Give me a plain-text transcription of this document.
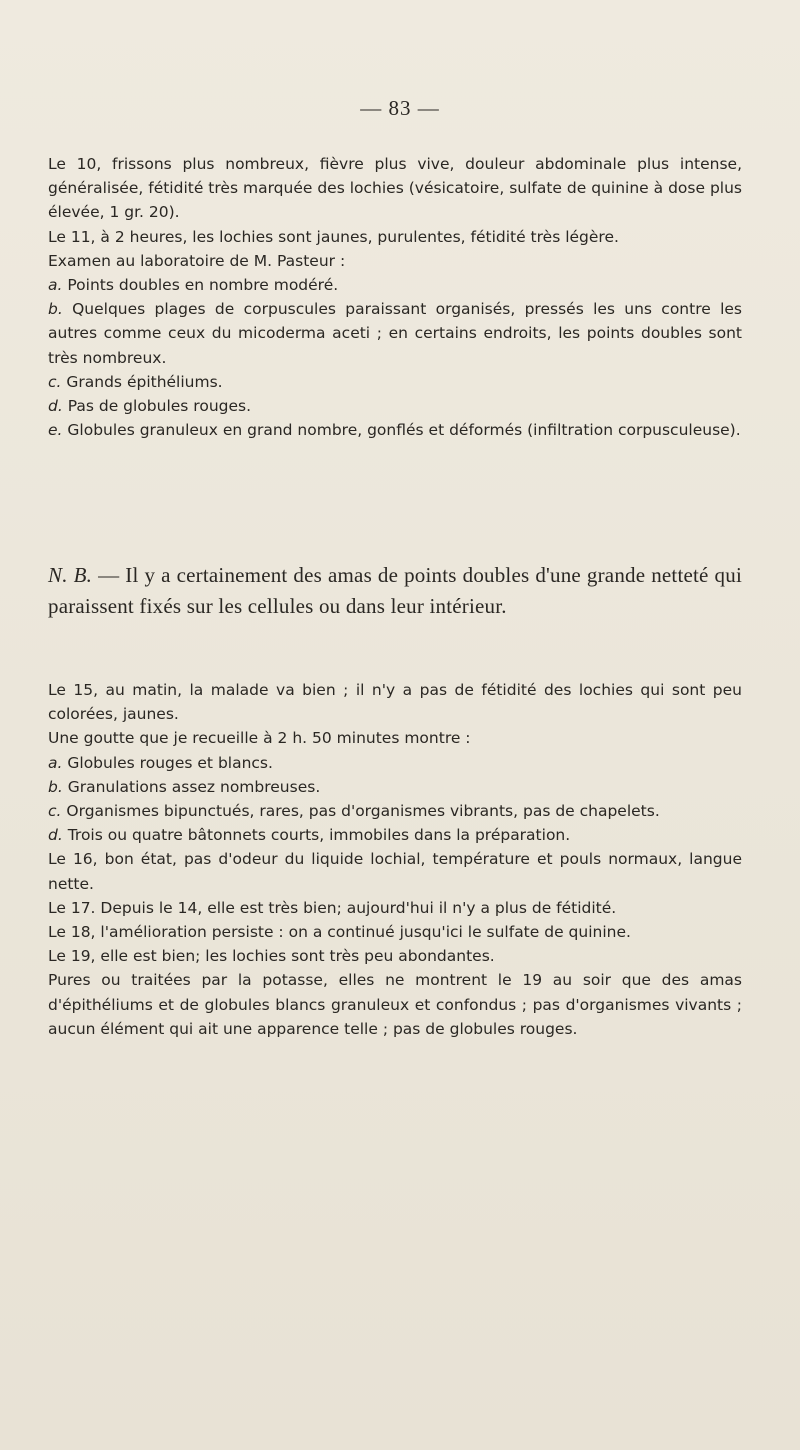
— 83 —

Le 10, frissons plus nombreux, fièvre plus vive, douleur abdominale plus intense, généralisée, fétidité très marquée des lochies (vésicatoire, sulfate de quinine à dose plus élevée, 1 gr. 20).

Le 11, à 2 heures, les lochies sont jaunes, purulentes, fétidité très légère.

Examen au laboratoire de M. Pasteur :

a. Points doubles en nombre modéré.

b. Quelques plages de corpuscules paraissant organisés, pressés les uns contre les autres comme ceux du micoderma aceti ; en certains endroits, les points doubles sont très nombreux.

c. Grands épithéliums.

d. Pas de globules rouges.

e. Globules granuleux en grand nombre, gonflés et déformés (infiltration corpusculeuse).

N. B. — Il y a certainement des amas de points doubles d'une grande netteté qui paraissent fixés sur les cellules ou dans leur intérieur.

Le 15, au matin, la malade va bien ; il n'y a pas de fétidité des lochies qui sont peu colorées, jaunes.

Une goutte que je recueille à 2 h. 50 minutes montre :

a. Globules rouges et blancs.

b. Granulations assez nombreuses.

c. Organismes bipunctués, rares, pas d'organismes vibrants, pas de chapelets.

d. Trois ou quatre bâtonnets courts, immobiles dans la préparation.

Le 16, bon état, pas d'odeur du liquide lochial, température et pouls normaux, langue nette.

Le 17. Depuis le 14, elle est très bien; aujourd'hui il n'y a plus de fétidité.

Le 18, l'amélioration persiste : on a continué jusqu'ici le sulfate de quinine.

Le 19, elle est bien; les lochies sont très peu abondantes.

Pures ou traitées par la potasse, elles ne montrent le 19 au soir que des amas d'épithéliums et de globules blancs granuleux et confondus ; pas d'organismes vivants ; aucun élément qui ait une apparence telle ; pas de globules rouges.
